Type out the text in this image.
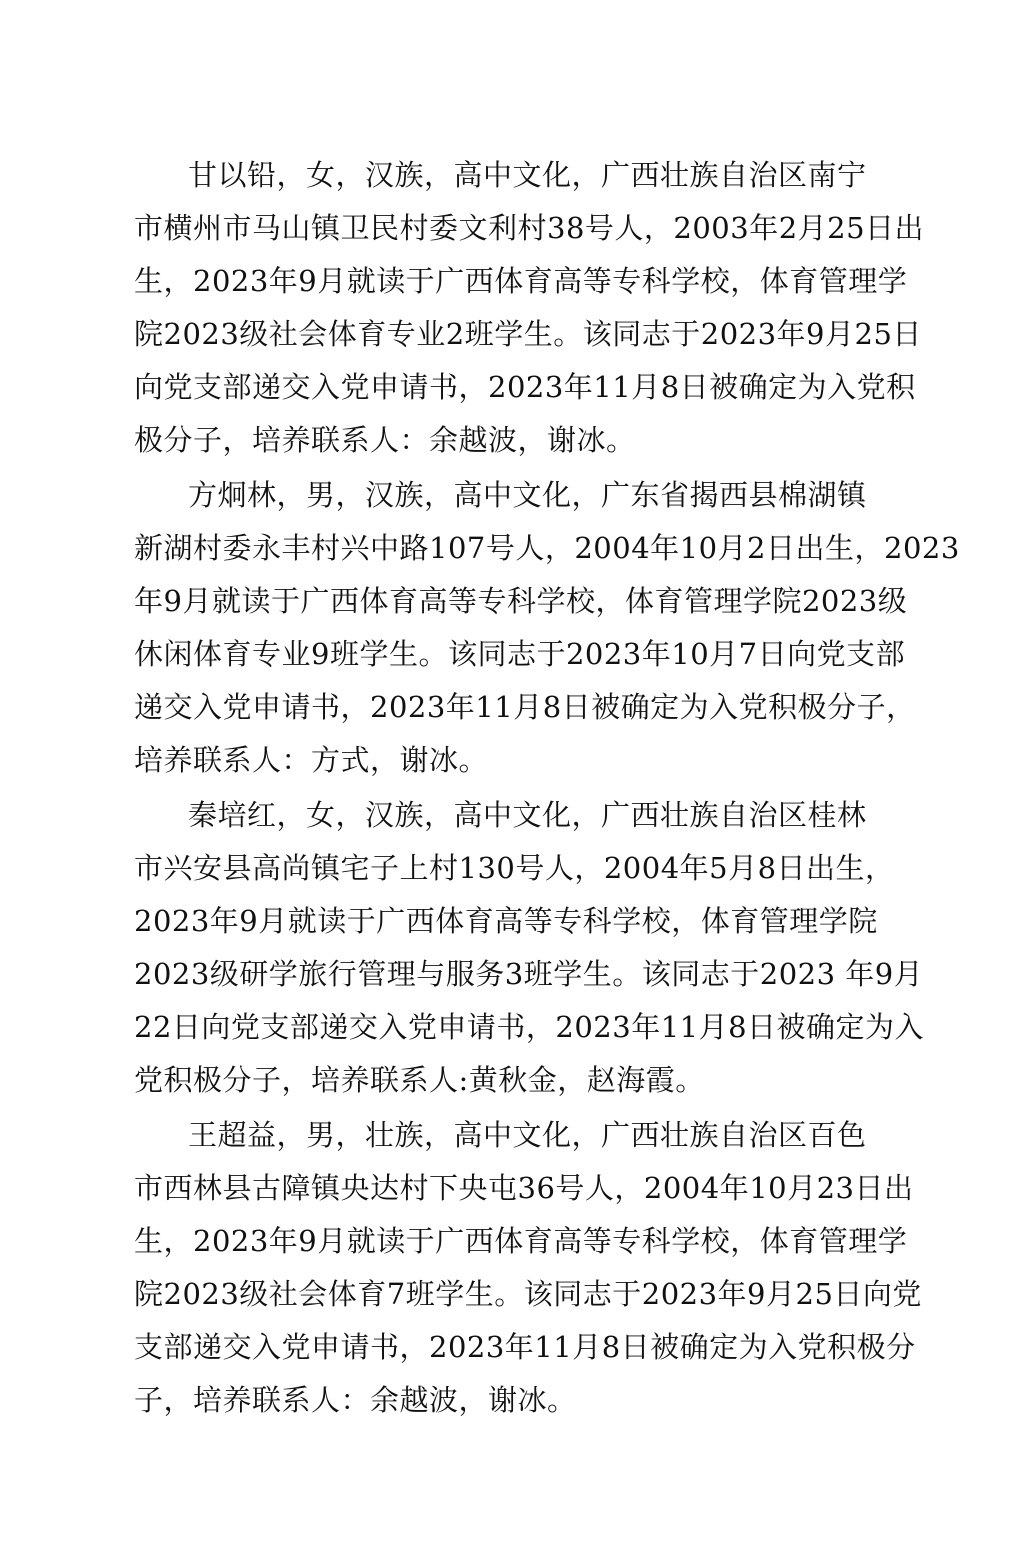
甘以铅，女，汉族，高中文化，广西壮族自治区南宁
市横州市马山镇卫民村委文利村38号人，2003年2月25日出
生，2023年9月就读于广西体育高等专科学校，体育管理学
院2023级社会体育专业2班学生。该同志于2023年9月25日
向党支部递交入党申请书，2023年11月8日被确定为入党积
极分子，培养联系人：余越波，谢冰。
方炯林，男，汉族，高中文化，广东省揭西县棉湖镇
新湖村委永丰村兴中路107号人，2004年10月2日出生，2023
年9月就读于广西体育高等专科学校，体育管理学院2023级
休闲体育专业9班学生。该同志于2023年10月7日向党支部
递交入党申请书，2023年11月8日被确定为入党积极分子，
培养联系人：方式，谢冰。
秦培红，女，汉族，高中文化，广西壮族自治区桂林
市兴安县高尚镇宅子上村130号人，2004年5月8日出生，
2023年9月就读于广西体育高等专科学校，体育管理学院
2023级研学旅行管理与服务3班学生。该同志于2023 年9月
22日向党支部递交入党申请书，2023年11月8日被确定为入
党积极分子，培养联系人:黄秋金，赵海霞。
王超益，男，壮族，高中文化，广西壮族自治区百色
市西林县古障镇央达村下央屯36号人，2004年10月23日出
生，2023年9月就读于广西体育高等专科学校，体育管理学
院2023级社会体育7班学生。该同志于2023年9月25日向党
支部递交入党申请书，2023年11月8日被确定为入党积极分
子，培养联系人：余越波，谢冰。
